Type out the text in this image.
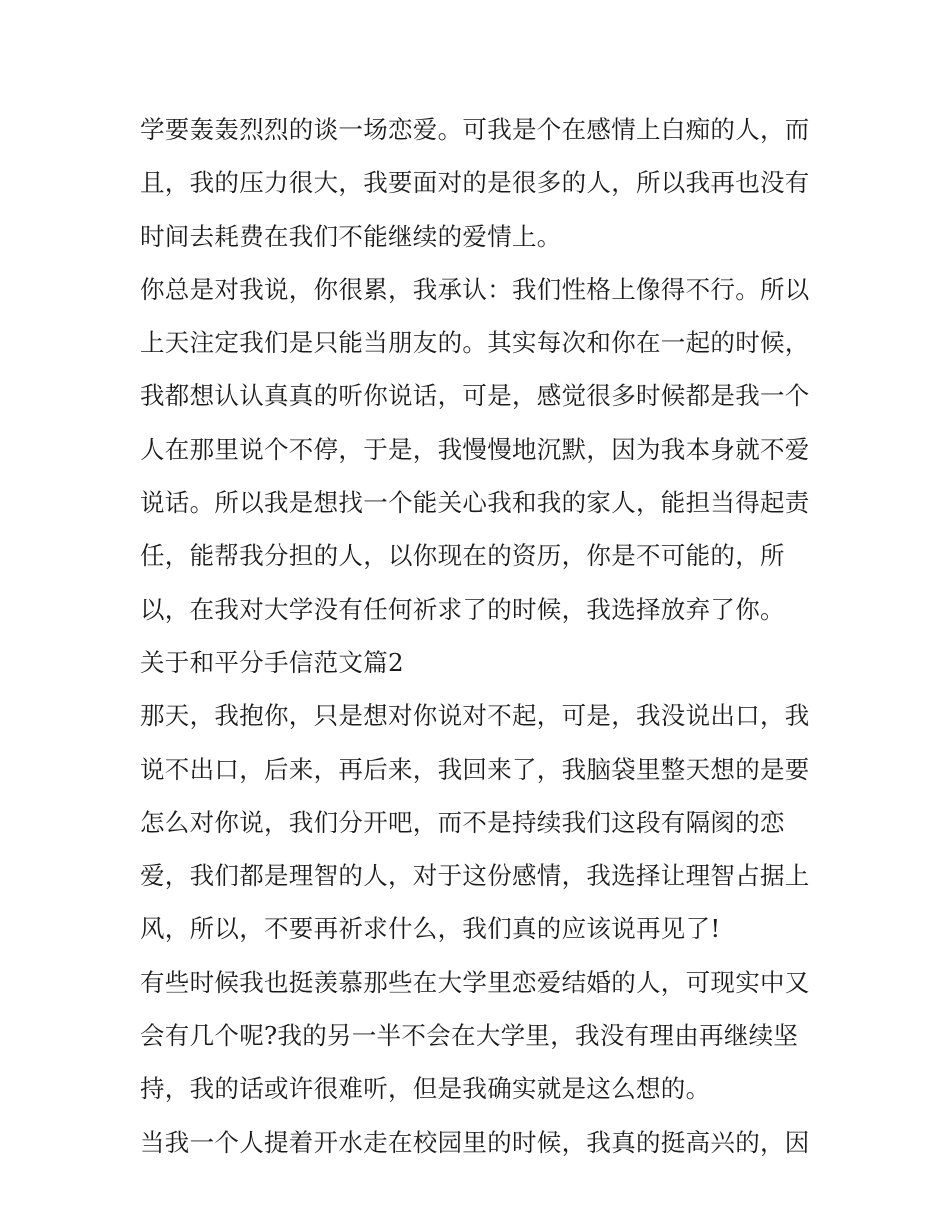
学要轰轰烈烈的谈一场恋爱。可我是个在感情上白痴的人，而
且，我的压力很大，我要面对的是很多的人，所以我再也没有
时间去耗费在我们不能继续的爱情上。
你总是对我说，你很累，我承认：我们性格上像得不行。所以
上天注定我们是只能当朋友的。其实每次和你在一起的时候，
我都想认认真真的听你说话，可是，感觉很多时候都是我一个
人在那里说个不停，于是，我慢慢地沉默，因为我本身就不爱
说话。所以我是想找一个能关心我和我的家人，能担当得起责
任，能帮我分担的人，以你现在的资历，你是不可能的，所
以，在我对大学没有任何祈求了的时候，我选择放弃了你。
关于和平分手信范文篇2
那天，我抱你，只是想对你说对不起，可是，我没说出口，我
说不出口，后来，再后来，我回来了，我脑袋里整天想的是要
怎么对你说，我们分开吧，而不是持续我们这段有隔阂的恋
爱，我们都是理智的人，对于这份感情，我选择让理智占据上
风，所以，不要再祈求什么，我们真的应该说再见了!
有些时候我也挺羡慕那些在大学里恋爱结婚的人，可现实中又
会有几个呢?我的另一半不会在大学里，我没有理由再继续坚
持，我的话或许很难听，但是我确实就是这么想的。
当我一个人提着开水走在校园里的时候，我真的挺高兴的，因
